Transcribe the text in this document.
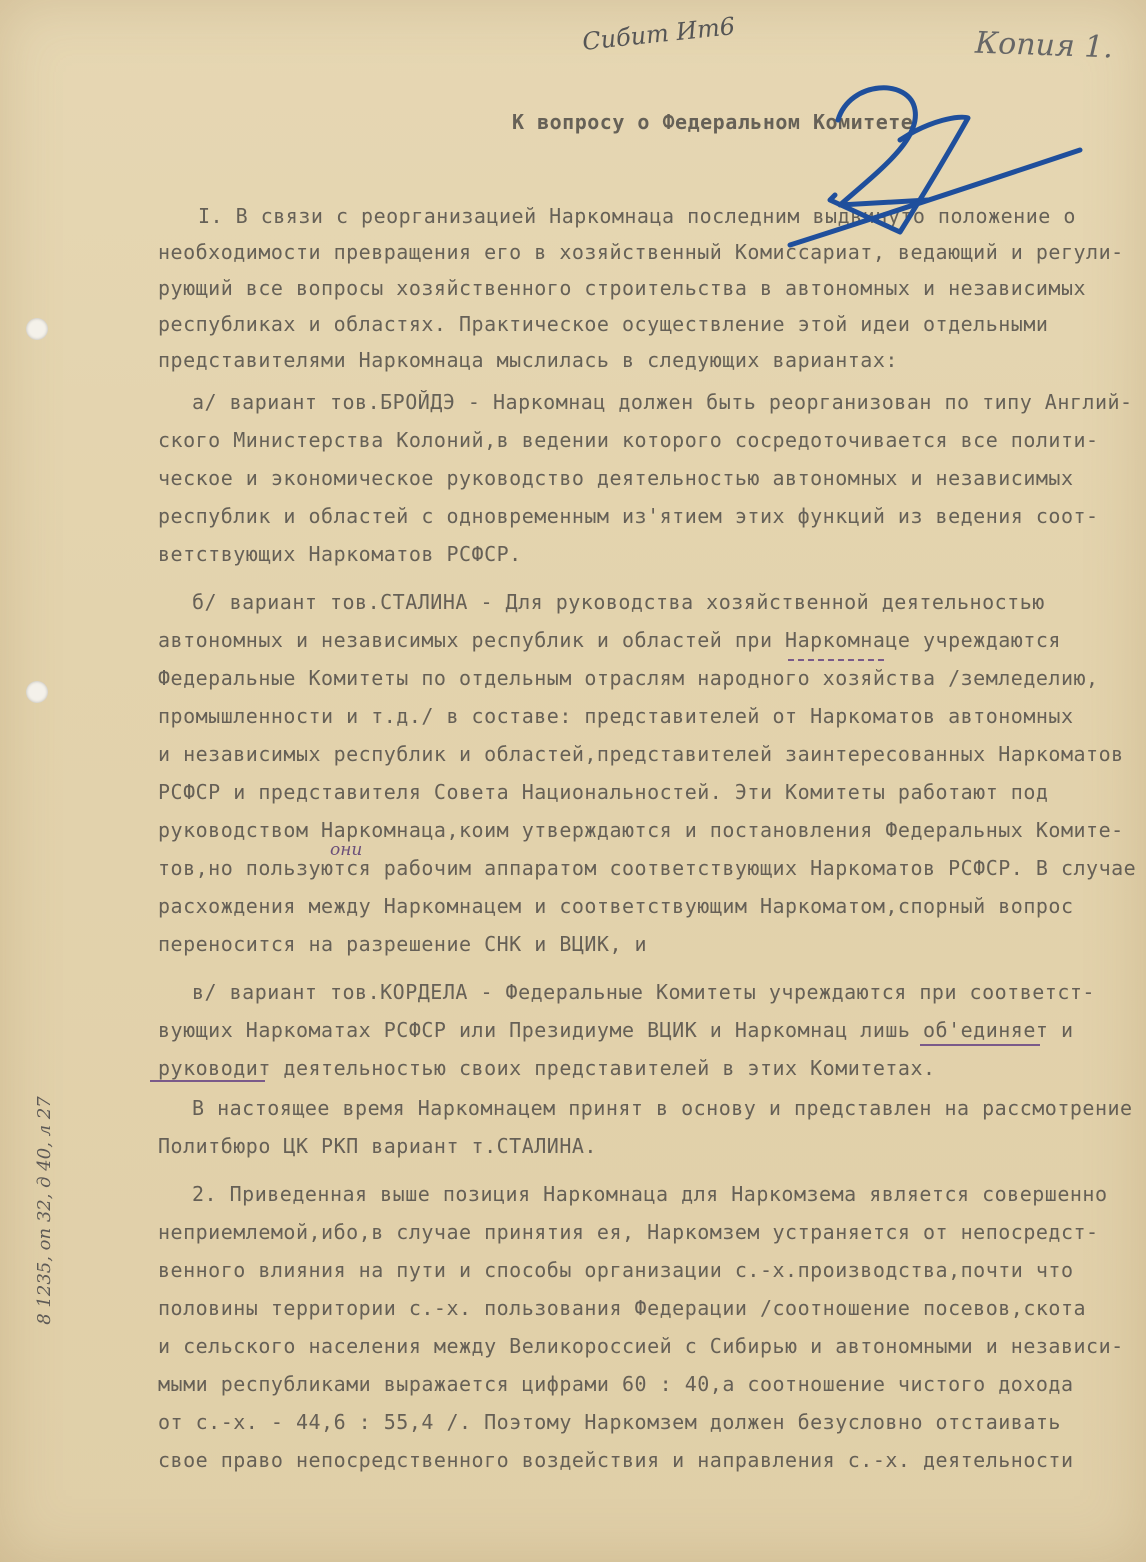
Сибит Ит6	Копия 1.
К вопросу о Федеральном Комитете
I. В связи с реорганизацией Наркомнаца последним выдвинуто положение о
необходимости превращения его в хозяйственный Комиссариат, ведающий и регули-
рующий все вопросы хозяйственного строительства в автономных и независимых
республиках и областях. Практическое осуществление этой идеи отдельными
представителями Наркомнаца мыслилась в следующих вариантах:
а/ вариант тов.БРОЙДЭ - Наркомнац должен быть реорганизован по типу Англий-
ского Министерства Колоний,в ведении которого сосредоточивается все полити-
ческое и экономическое руководство деятельностью автономных и независимых
республик и областей с одновременным из'ятием этих функций из ведения соот-
ветствующих Наркоматов РСФСР.
б/ вариант тов.СТАЛИНА - Для руководства хозяйственной деятельностью
автономных и независимых республик и областей при Наркомнаце учреждаются
Федеральные Комитеты по отдельным отраслям народного хозяйства /земледелию,
промышленности и т.д./ в составе: представителей от Наркоматов автономных
и независимых республик и областей,представителей заинтересованных Наркоматов
РСФСР и представителя Совета Национальностей. Эти Комитеты работают под
руководством Наркомнаца,коим утверждаются и постановления Федеральных Комите-
тов,но пользуются рабочим аппаратом соответствующих Наркоматов РСФСР. В случае
расхождения между Наркомнацем и соответствующим Наркоматом,спорный вопрос
переносится на разрешение СНК и ВЦИК, и
в/ вариант тов.КОРДЕЛА - Федеральные Комитеты учреждаются при соответст-
вующих Наркоматах РСФСР или Президиуме ВЦИК и Наркомнац лишь об'единяет и
руководит деятельностью своих представителей в этих Комитетах.
В настоящее время Наркомнацем принят в основу и представлен на рассмотрение
Политбюро ЦК РКП вариант т.СТАЛИНА.
2. Приведенная выше позиция Наркомнаца для Наркомзема является совершенно
неприемлемой,ибо,в случае принятия ея, Наркомзем устраняется от непосредст-
венного влияния на пути и способы организации с.-х.производства,почти что
половины территории с.-х. пользования Федерации /соотношение посевов,скота
и сельского населения между Великороссией с Сибирью и автономными и независи-
мыми республиками выражается цифрами 60 : 40,а соотношение чистого дохода
от с.-х. - 44,6 : 55,4 /. Поэтому Наркомзем должен безусловно отстаивать
свое право непосредственного воздействия и направления с.-х. деятельности
они
8 1235, оп 32, д 40, л 27
